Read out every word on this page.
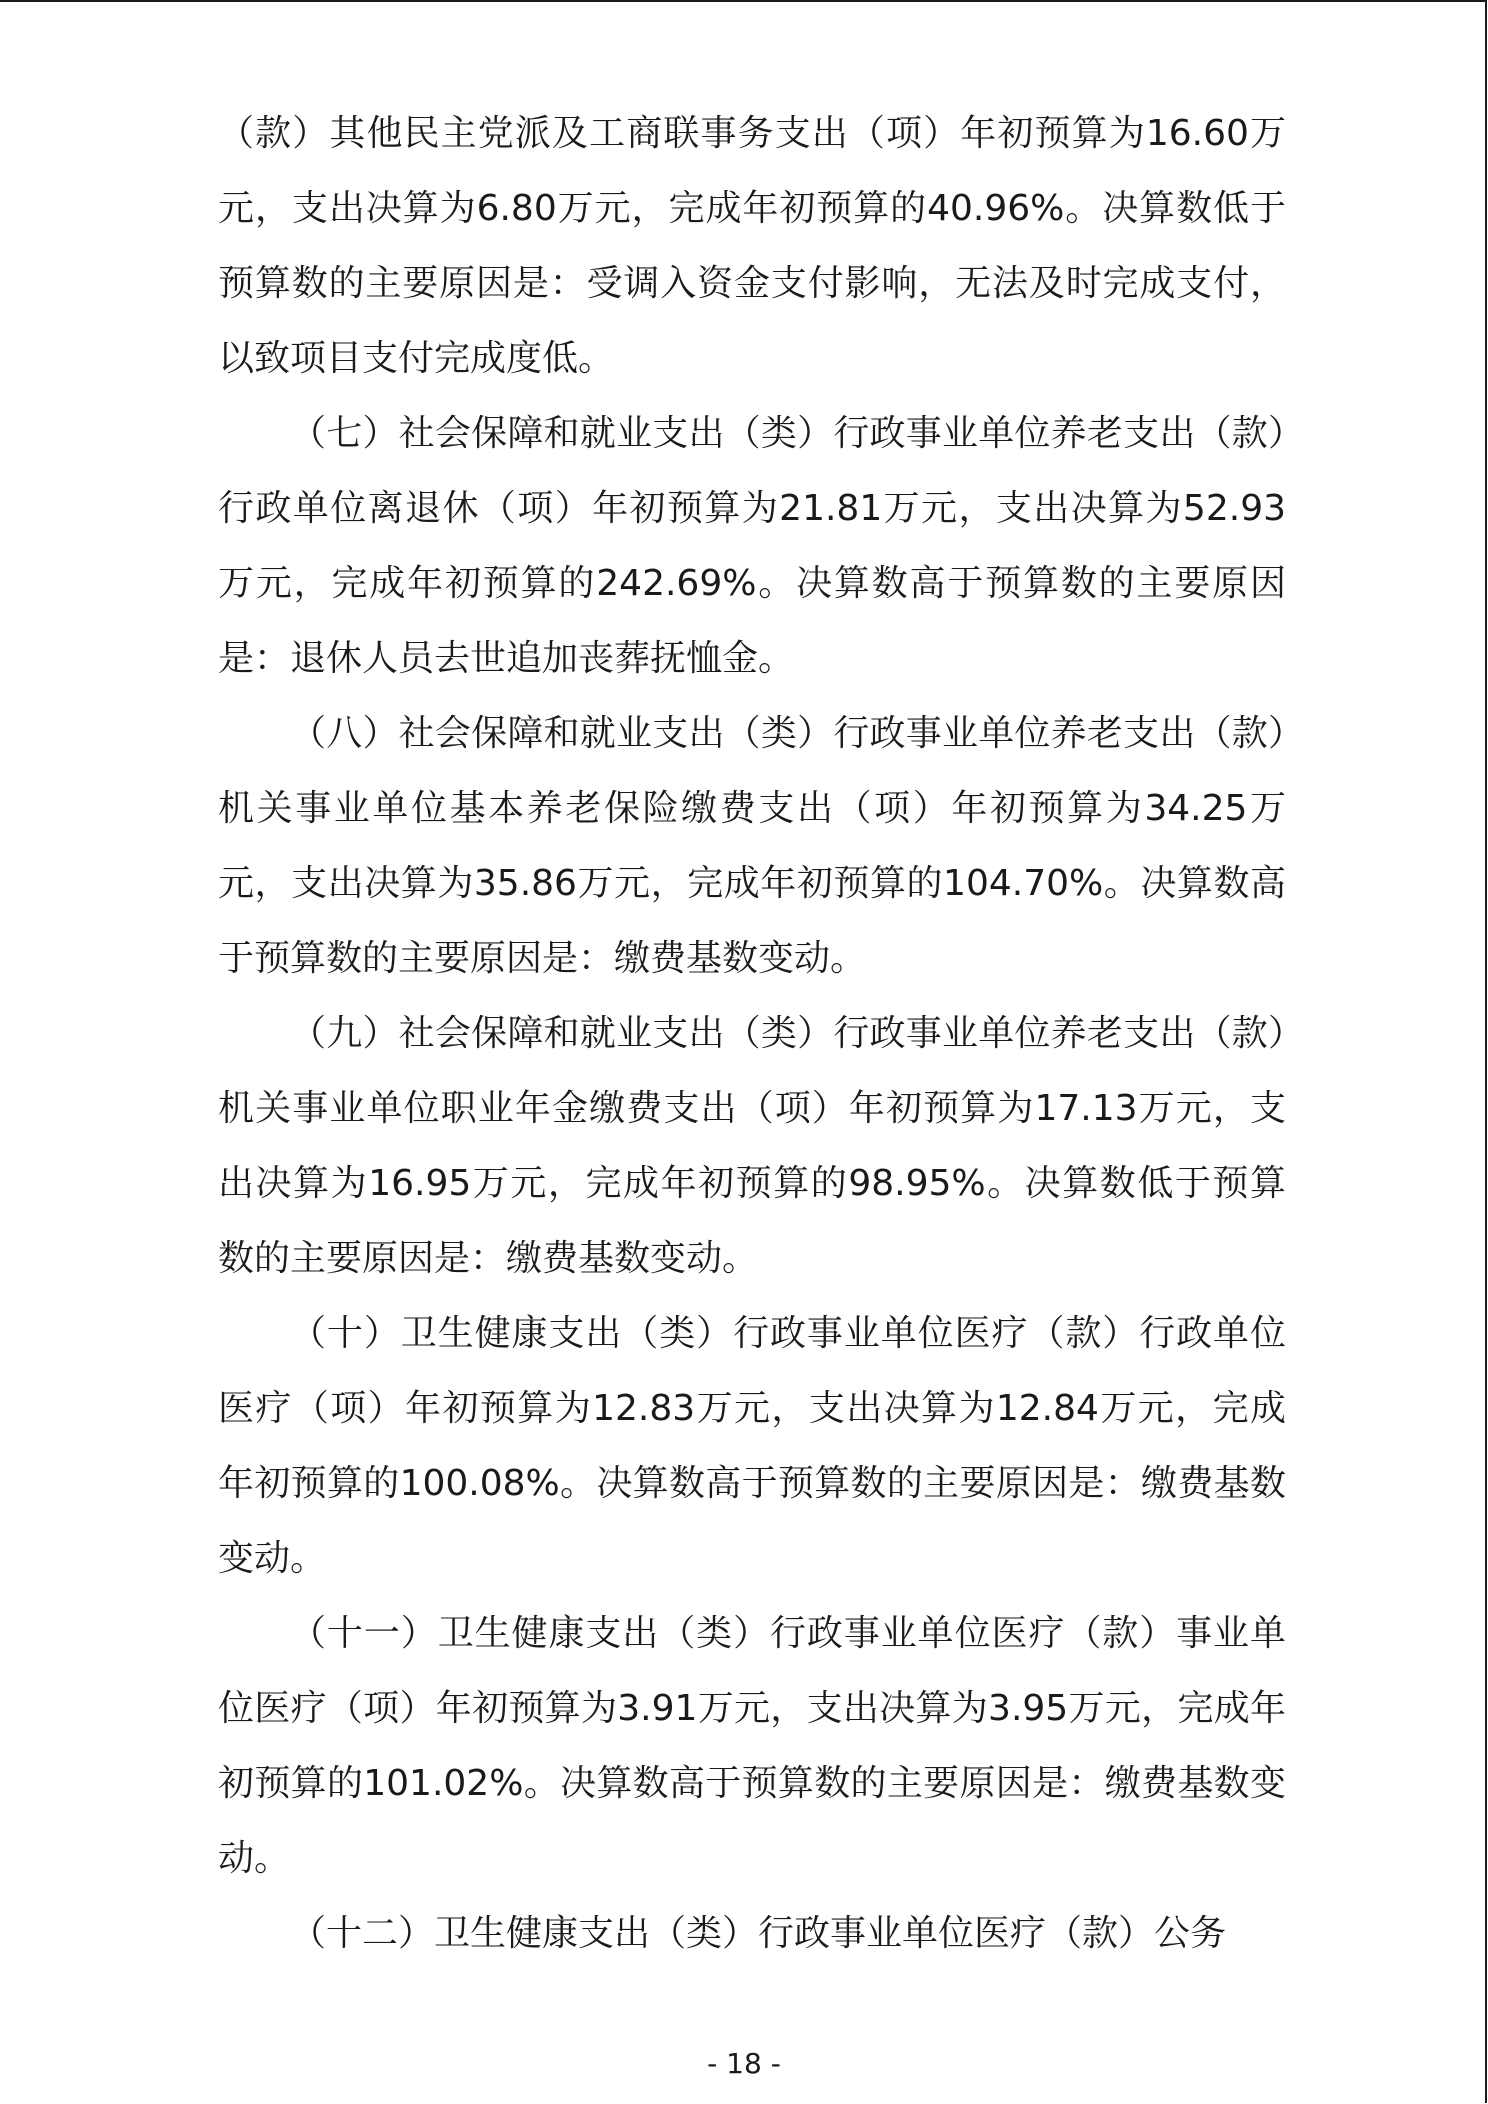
（款）其他民主党派及工商联事务支出（项）年初预算为16.60万元，支出决算为6.80万元，完成年初预算的40.96%。决算数低于预算数的主要原因是：受调入资金支付影响，无法及时完成支付，以致项目支付完成度低。

（七）社会保障和就业支出（类）行政事业单位养老支出（款）行政单位离退休（项）年初预算为21.81万元，支出决算为52.93万元，完成年初预算的242.69%。决算数高于预算数的主要原因是：退休人员去世追加丧葬抚恤金。

（八）社会保障和就业支出（类）行政事业单位养老支出（款）机关事业单位基本养老保险缴费支出（项）年初预算为34.25万元，支出决算为35.86万元，完成年初预算的104.70%。决算数高于预算数的主要原因是：缴费基数变动。

（九）社会保障和就业支出（类）行政事业单位养老支出（款）机关事业单位职业年金缴费支出（项）年初预算为17.13万元，支出决算为16.95万元，完成年初预算的98.95%。决算数低于预算数的主要原因是：缴费基数变动。

（十）卫生健康支出（类）行政事业单位医疗（款）行政单位医疗（项）年初预算为12.83万元，支出决算为12.84万元，完成年初预算的100.08%。决算数高于预算数的主要原因是：缴费基数变动。

（十一）卫生健康支出（类）行政事业单位医疗（款）事业单位医疗（项）年初预算为3.91万元，支出决算为3.95万元，完成年初预算的101.02%。决算数高于预算数的主要原因是：缴费基数变动。

（十二）卫生健康支出（类）行政事业单位医疗（款）公务

- 18 -
